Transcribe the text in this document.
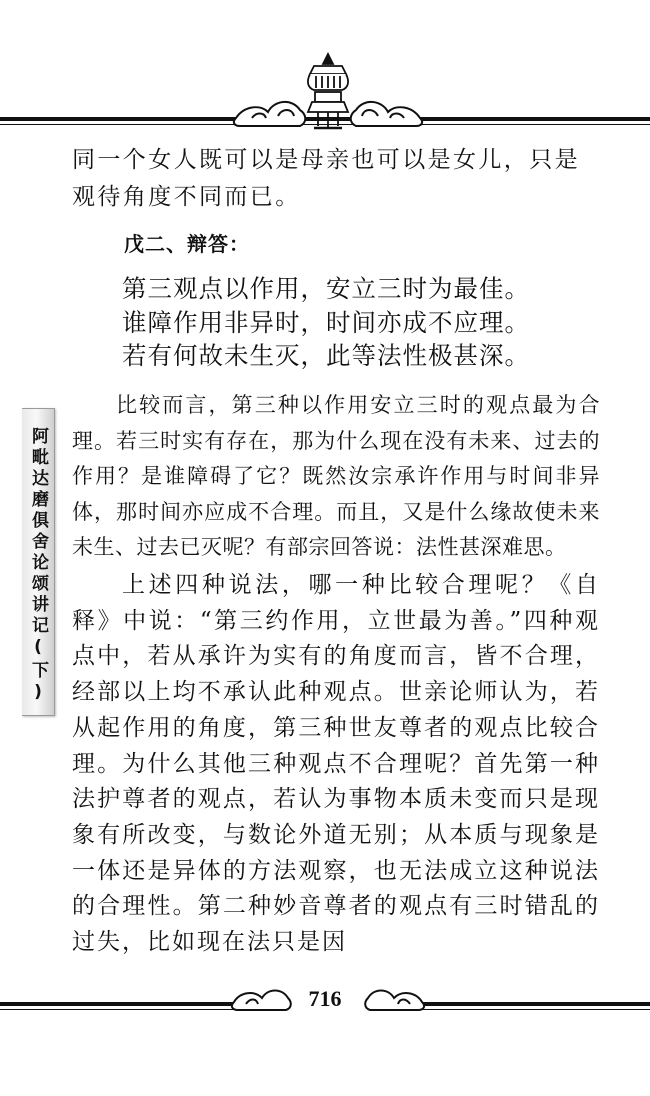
同一个女人既可以是母亲也可以是女儿，只是
观待角度不同而已。
戊二、辩答：
第三观点以作用，安立三时为最佳。
谁障作用非异时，时间亦成不应理。
若有何故未生灭，此等法性极甚深。

比较而言，第三种以作用安立三时的观点最为合理。若三时实有存在，那为什么现在没有未来、过去的作用？是谁障碍了它？既然汝宗承许作用与时间非异体，那时间亦应成不合理。而且，又是什么缘故使未来未生、过去已灭呢？有部宗回答说：法性甚深难思。

上述四种说法，哪一种比较合理呢？《自释》中说：“第三约作用，立世最为善。”四种观点中，若从承许为实有的角度而言，皆不合理，经部以上均不承认此种观点。世亲论师认为，若从起作用的角度，第三种世友尊者的观点比较合理。为什么其他三种观点不合理呢？首先第一种法护尊者的观点，若认为事物本质未变而只是现象有所改变，与数论外道无别；从本质与现象是一体还是异体的方法观察，也无法成立这种说法的合理性。第二种妙音尊者的观点有三时错乱的过失，比如现在法只是因

阿毗达磨俱舍论颂讲记(下)
716
